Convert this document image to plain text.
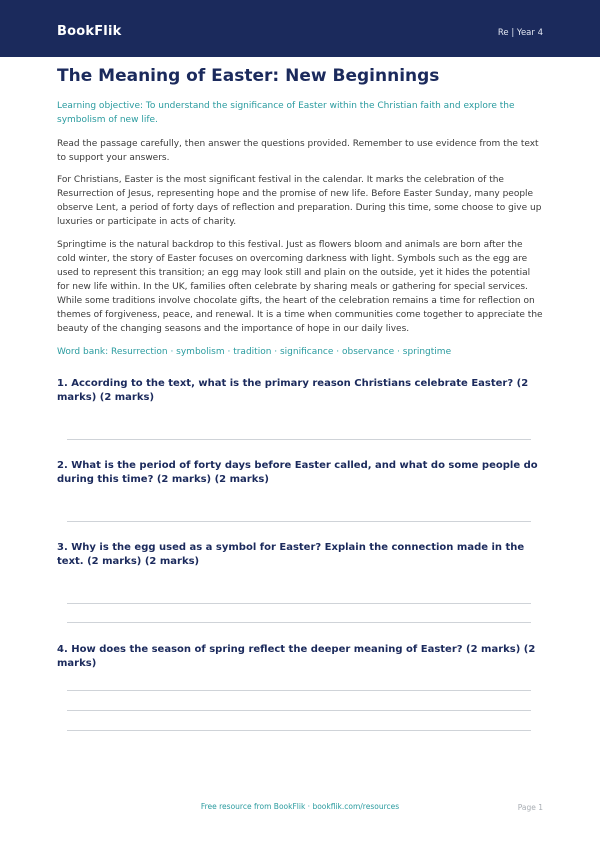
BookFlik	Re | Year 4
The Meaning of Easter: New Beginnings

Learning objective: To understand the significance of Easter within the Christian faith and explore the symbolism of new life.

Read the passage carefully, then answer the questions provided. Remember to use evidence from the text to support your answers.

For Christians, Easter is the most significant festival in the calendar. It marks the celebration of the Resurrection of Jesus, representing hope and the promise of new life. Before Easter Sunday, many people observe Lent, a period of forty days of reflection and preparation. During this time, some choose to give up luxuries or participate in acts of charity.

Springtime is the natural backdrop to this festival. Just as flowers bloom and animals are born after the cold winter, the story of Easter focuses on overcoming darkness with light. Symbols such as the egg are used to represent this transition; an egg may look still and plain on the outside, yet it hides the potential for new life within. In the UK, families often celebrate by sharing meals or gathering for special services. While some traditions involve chocolate gifts, the heart of the celebration remains a time for reflection on themes of forgiveness, peace, and renewal. It is a time when communities come together to appreciate the beauty of the changing seasons and the importance of hope in our daily lives.

Word bank: Resurrection · symbolism · tradition · significance · observance · springtime

1. According to the text, what is the primary reason Christians celebrate Easter? (2 marks) (2 marks)
2. What is the period of forty days before Easter called, and what do some people do during this time? (2 marks) (2 marks)
3. Why is the egg used as a symbol for Easter? Explain the connection made in the text. (2 marks) (2 marks)
4. How does the season of spring reflect the deeper meaning of Easter? (2 marks) (2 marks)
Free resource from BookFlik · bookflik.com/resources	Page 1
